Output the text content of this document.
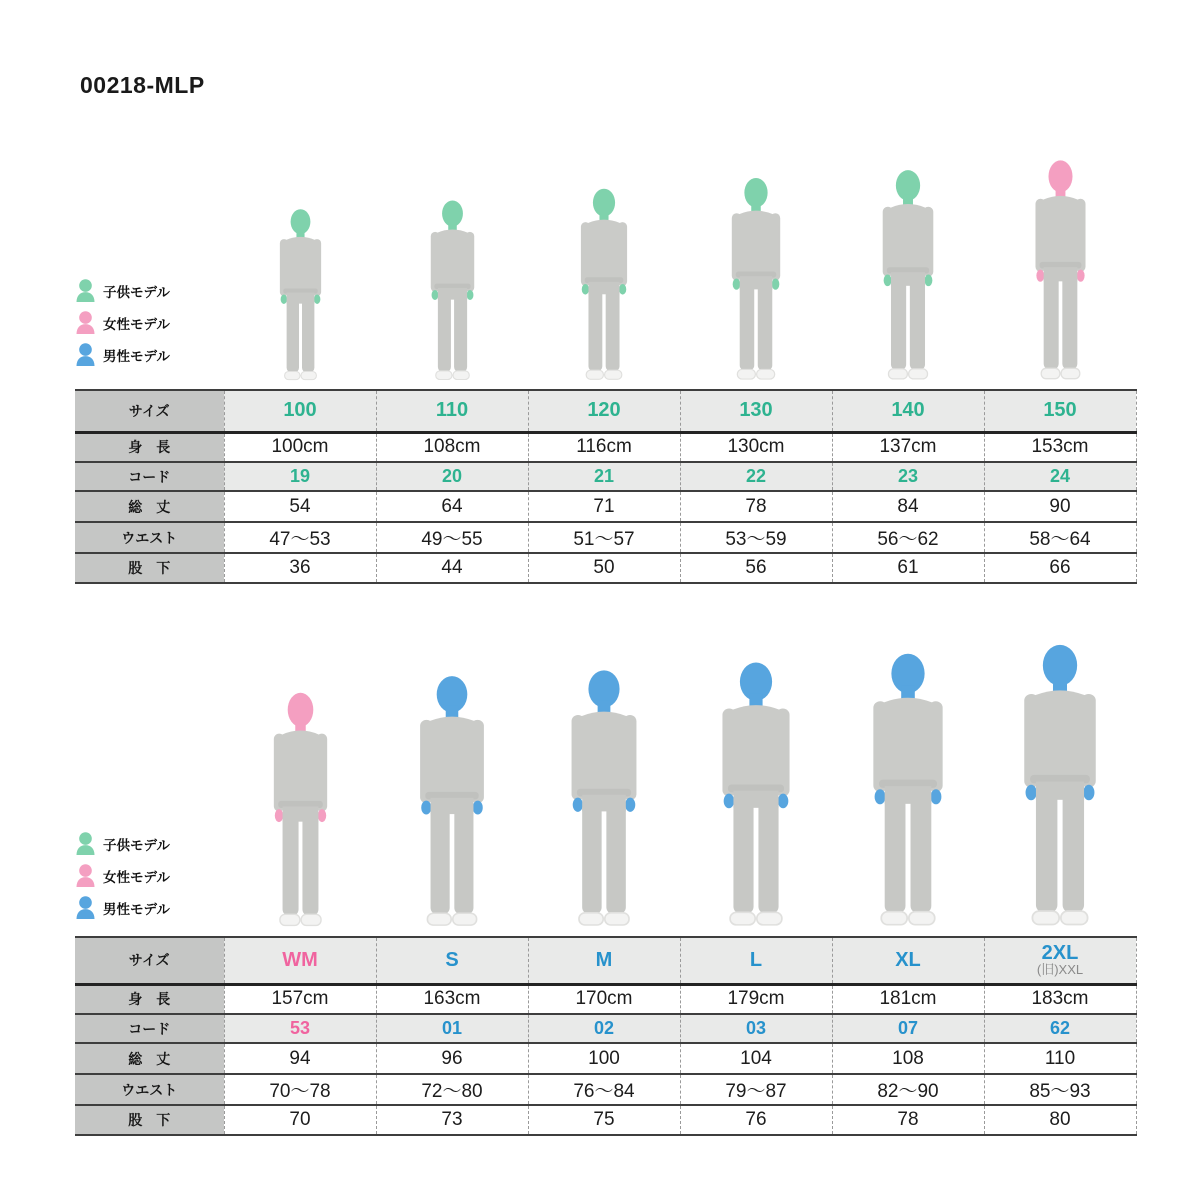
00218-MLP
子供モデル
女性モデル
男性モデル
子供モデル
女性モデル
男性モデル
サイズ	100	110	120	130	140	150
身　長	100cm	108cm	116cm	130cm	137cm	153cm
コード	19	20	21	22	23	24
総　丈	54	64	71	78	84	90
ウエスト	47〜53	49〜55	51〜57	53〜59	56〜62	58〜64
股　下	36	44	50	56	61	66
サイズ	WM	S	M	L	XL	2XL
(旧)XXL

身　長	157cm	163cm	170cm	179cm	181cm	183cm
コード	53	01	02	03	07	62
総　丈	94	96	100	104	108	110
ウエスト	70〜78	72〜80	76〜84	79〜87	82〜90	85〜93
股　下	70	73	75	76	78	80
